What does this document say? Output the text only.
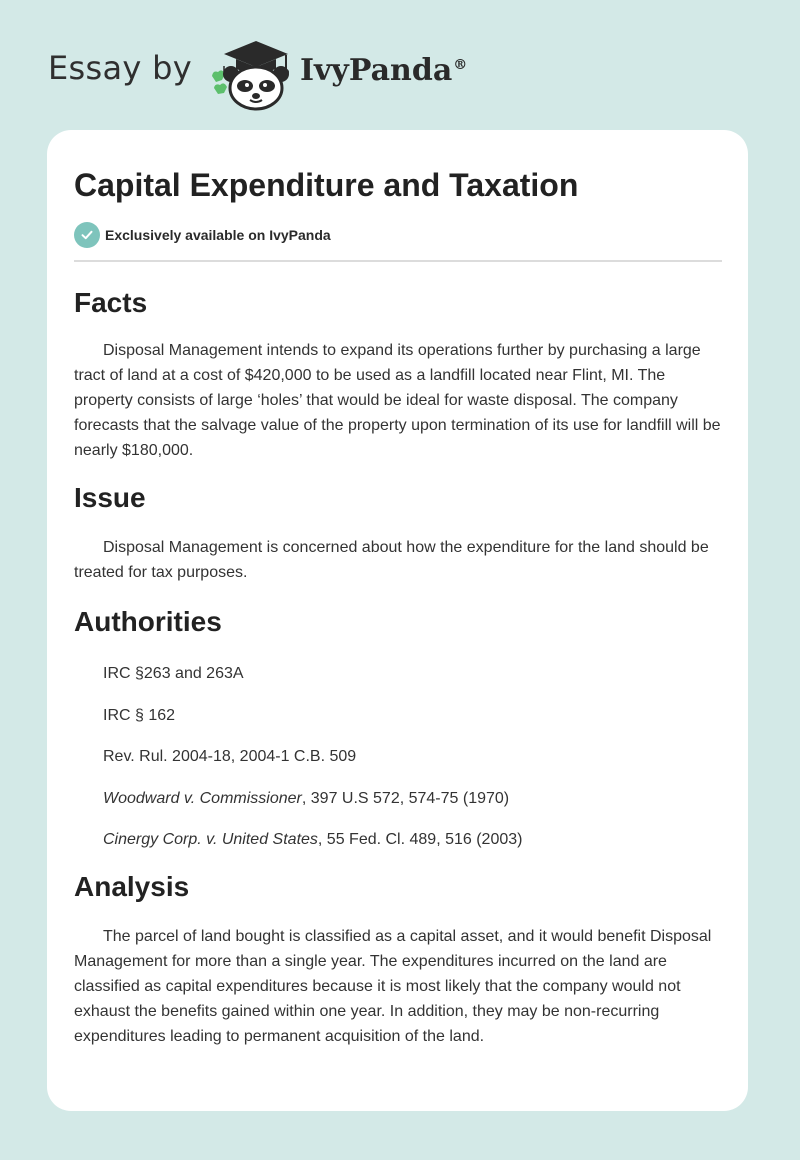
Essay by	IvyPanda®
Capital Expenditure and Taxation
Exclusively available on IvyPanda
Facts

Disposal Management intends to expand its operations further by purchasing a large tract of land at a cost of $420,000 to be used as a landfill located near Flint, MI. The property consists of large ‘holes’ that would be ideal for waste disposal. The company forecasts that the salvage value of the property upon termination of its use for landfill will be nearly $180,000.

Issue

Disposal Management is concerned about how the expenditure for the land should be treated for tax purposes.

Authorities
IRC §263 and 263A
IRC § 162
Rev. Rul. 2004-18, 2004-1 C.B. 509
Woodward v. Commissioner, 397 U.S 572, 574-75 (1970)
Cinergy Corp. v. United States, 55 Fed. Cl. 489, 516 (2003)
Analysis

The parcel of land bought is classified as a capital asset, and it would benefit Disposal Management for more than a single year. The expenditures incurred on the land are classified as capital expenditures because it is most likely that the company would not exhaust the benefits gained within one year. In addition, they may be non-recurring expenditures leading to permanent acquisition of the land.
